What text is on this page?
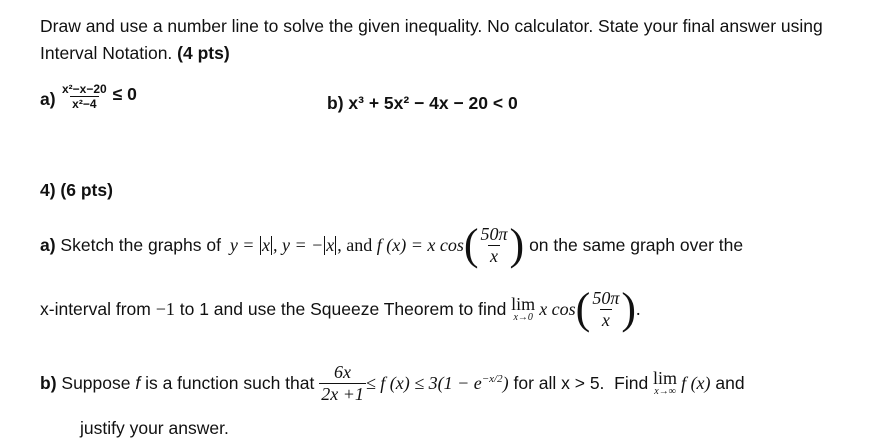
Draw and use a number line to solve the given inequality. No calculator. State your final answer using
Interval Notation. (4 pts)
$a) \frac{\text{x²−x−20}}{\text{x²−4}} \le 0$	b) x³ + 5x² − 4x − 20 < 0
4) (6 pts)
a) Sketch the graphs of y = x , y = − x , and f (x) = x cos ( $\frac{50\pi}{x}$ ) on the same graph over the
x-interval from −1 to 1 and use the Squeeze Theorem to find lim
x→0 x cos ( $\frac{50\pi}{x}$ ) .
b) Suppose f is a function such that $\frac{6x}{2x +1} \le f$ $(x) \le 3(1 - e^{-x/2})$ for all x > 5.  Find lim
x→∞ f (x) and
justify your answer.
